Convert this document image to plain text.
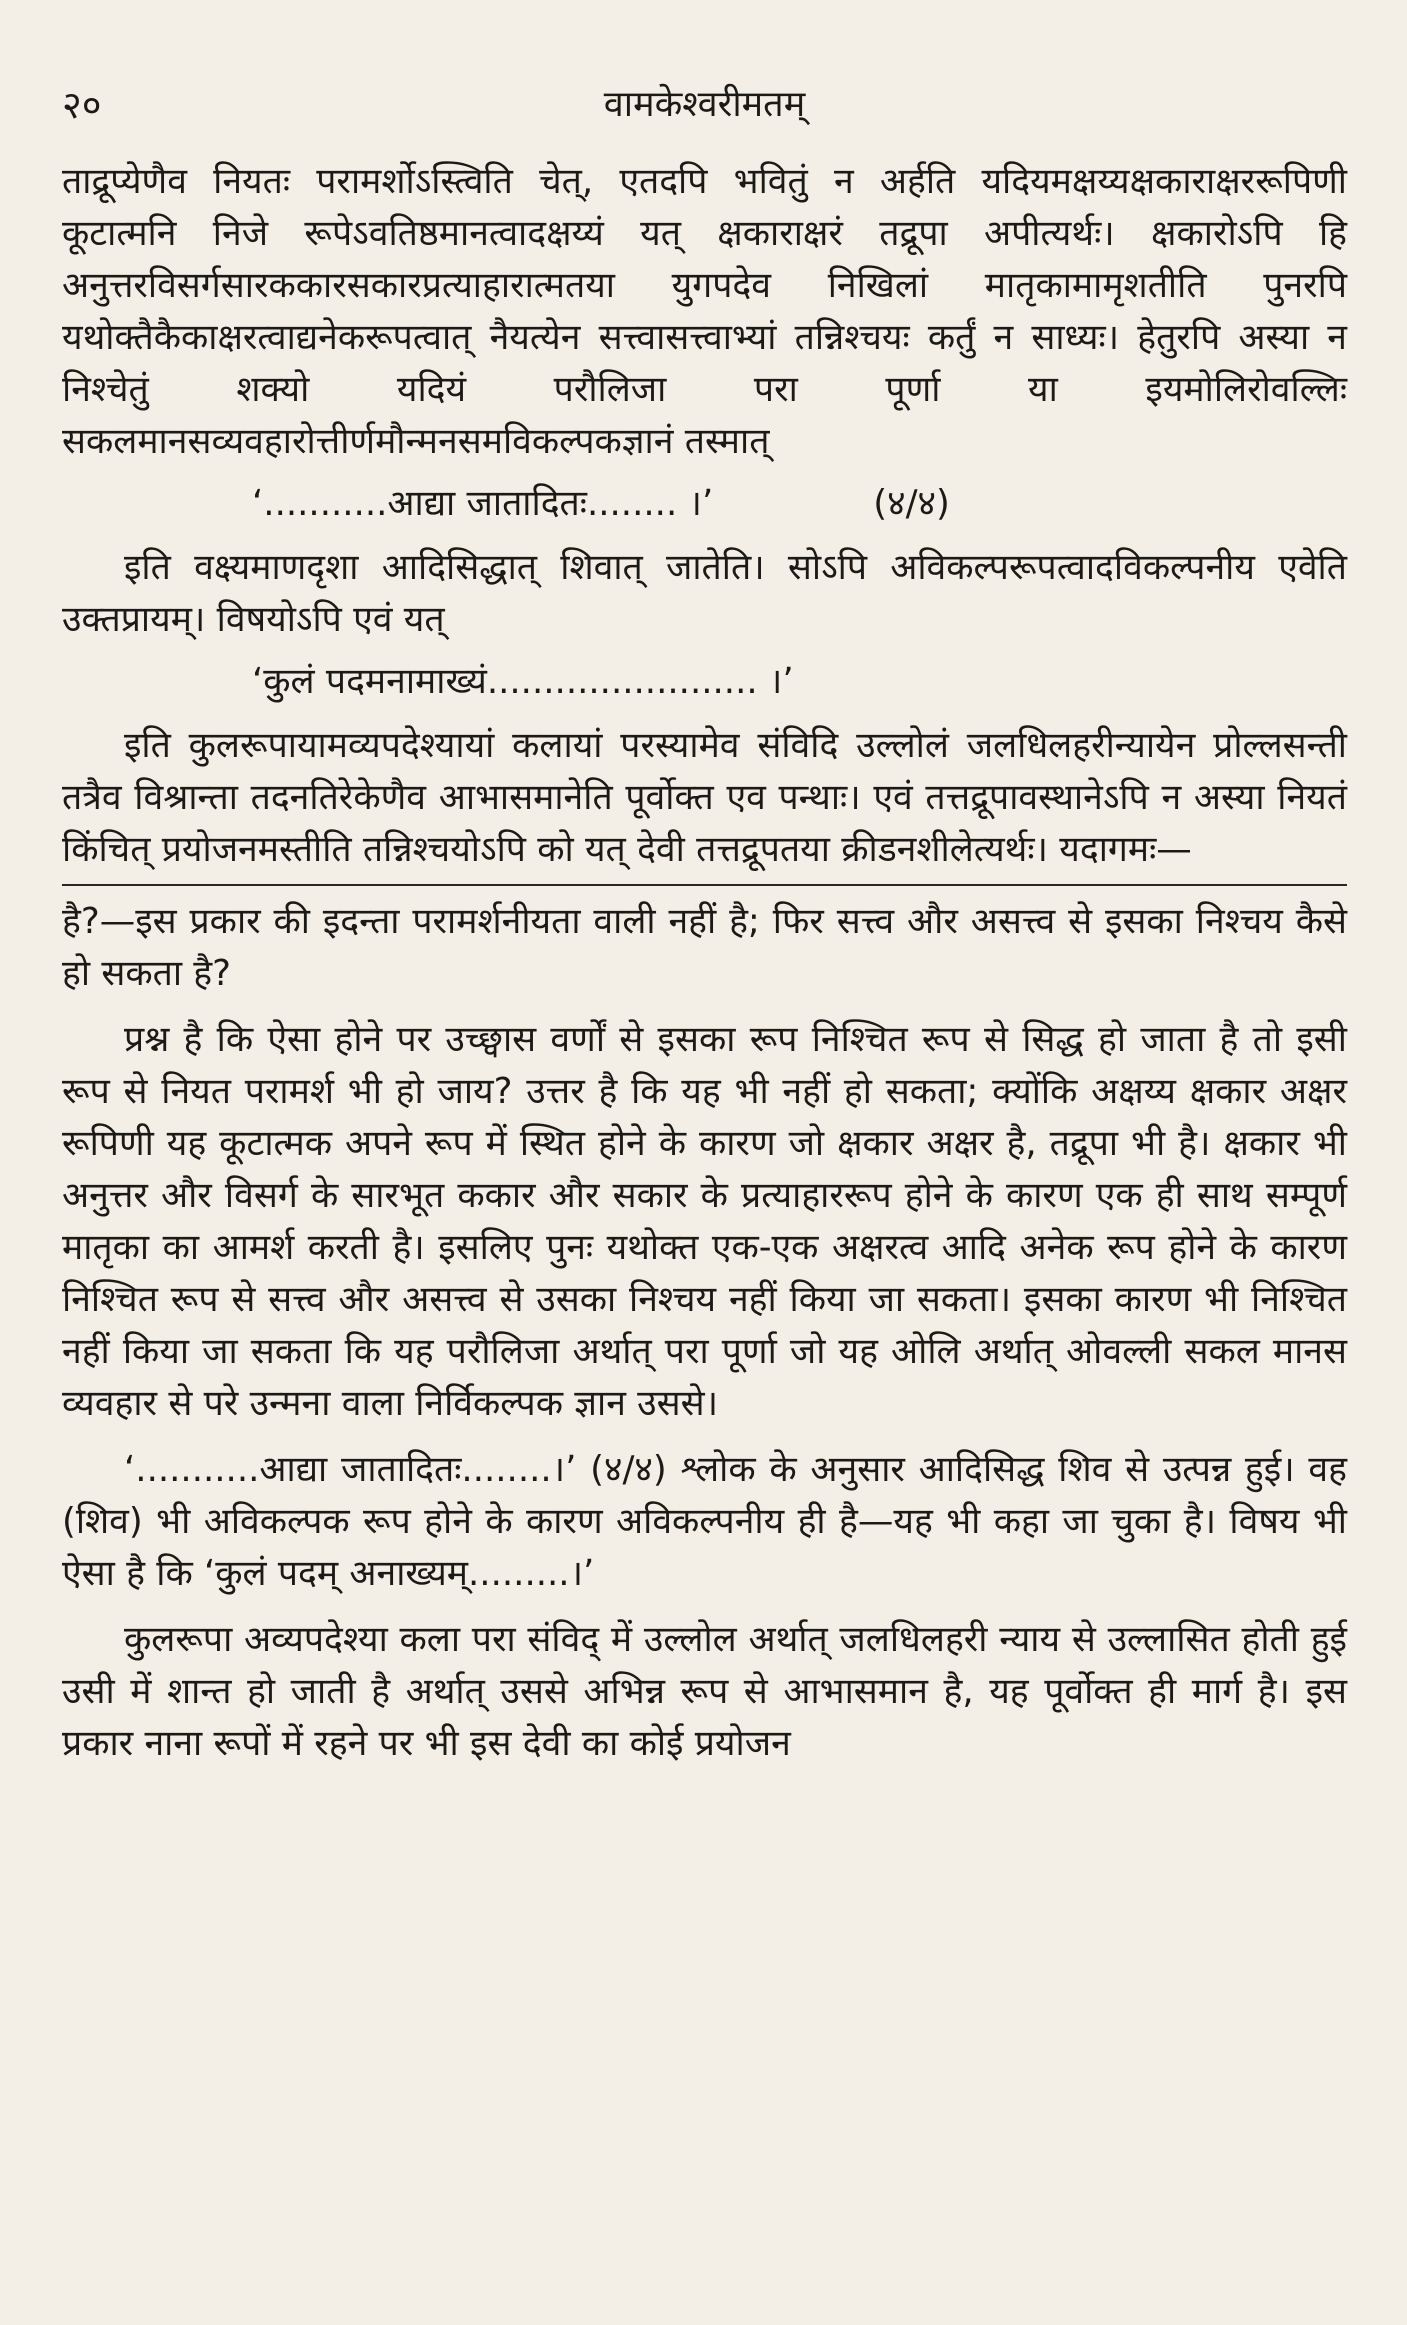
२०	वामकेश्वरीमतम्

ताद्रूप्येणैव नियतः परामर्शोऽस्त्विति चेत्, एतदपि भवितुं न अर्हति यदियमक्षय्यक्षकाराक्षररूपिणी कूटात्मनि निजे रूपेऽवतिष्ठमानत्वादक्षय्यं यत् क्षकाराक्षरं तद्रूपा अपीत्यर्थः। क्षकारोऽपि हि अनुत्तरविसर्गसारककारसकारप्रत्याहारात्मतया युगपदेव निखिलां मातृकामामृशतीति पुनरपि यथोक्तैकैकाक्षरत्वाद्यनेकरूपत्वात् नैयत्येन सत्त्वासत्त्वाभ्यां तन्निश्चयः कर्तुं न साध्यः। हेतुरपि अस्या न निश्चेतुं शक्यो यदियं परौलिजा परा पूर्णा या इयमोलिरोवल्लिः सकलमानसव्यवहारोत्तीर्णमौन्मनसमविकल्पकज्ञानं तस्मात्

‘...........आद्या जातादितः........ ।’	(४/४)

इति वक्ष्यमाणदृशा आदिसिद्धात् शिवात् जातेति। सोऽपि अविकल्परूपत्वादविकल्पनीय एवेति उक्तप्रायम्। विषयोऽपि एवं यत्

‘कुलं पदमनामाख्यं........................ ।’

इति कुलरूपायामव्यपदेश्यायां कलायां परस्यामेव संविदि उल्लोलं जलधिलहरीन्यायेन प्रोल्लसन्ती तत्रैव विश्रान्ता तदनतिरेकेणैव आभासमानेति पूर्वोक्त एव पन्थाः। एवं तत्तद्रूपावस्थानेऽपि न अस्या नियतं किंचित् प्रयोजनमस्तीति तन्निश्चयोऽपि को यत् देवी तत्तद्रूपतया क्रीडनशीलेत्यर्थः। यदागमः—

है?—इस प्रकार की इदन्ता परामर्शनीयता वाली नहीं है; फिर सत्त्व और असत्त्व से इसका निश्चय कैसे हो सकता है?

प्रश्न है कि ऐसा होने पर उच्छ्वास वर्णों से इसका रूप निश्चित रूप से सिद्ध हो जाता है तो इसी रूप से नियत परामर्श भी हो जाय? उत्तर है कि यह भी नहीं हो सकता; क्योंकि अक्षय्य क्षकार अक्षर रूपिणी यह कूटात्मक अपने रूप में स्थित होने के कारण जो क्षकार अक्षर है, तद्रूपा भी है। क्षकार भी अनुत्तर और विसर्ग के सारभूत ककार और सकार के प्रत्याहाररूप होने के कारण एक ही साथ सम्पूर्ण मातृका का आमर्श करती है। इसलिए पुनः यथोक्त एक-एक अक्षरत्व आदि अनेक रूप होने के कारण निश्चित रूप से सत्त्व और असत्त्व से उसका निश्चय नहीं किया जा सकता। इसका कारण भी निश्चित नहीं किया जा सकता कि यह परौलिजा अर्थात् परा पूर्णा जो यह ओलि अर्थात् ओवल्ली सकल मानस व्यवहार से परे उन्मना वाला निर्विकल्पक ज्ञान उससे।

‘...........आद्या जातादितः........।’ (४/४) श्लोक के अनुसार आदिसिद्ध शिव से उत्पन्न हुई। वह (शिव) भी अविकल्पक रूप होने के कारण अविकल्पनीय ही है—यह भी कहा जा चुका है। विषय भी ऐसा है कि ‘कुलं पदम् अनाख्यम्.........।’

कुलरूपा अव्यपदेश्या कला परा संविद् में उल्लोल अर्थात् जलधिलहरी न्याय से उल्लासित होती हुई उसी में शान्त हो जाती है अर्थात् उससे अभिन्न रूप से आभासमान है, यह पूर्वोक्त ही मार्ग है। इस प्रकार नाना रूपों में रहने पर भी इस देवी का कोई प्रयोजन
